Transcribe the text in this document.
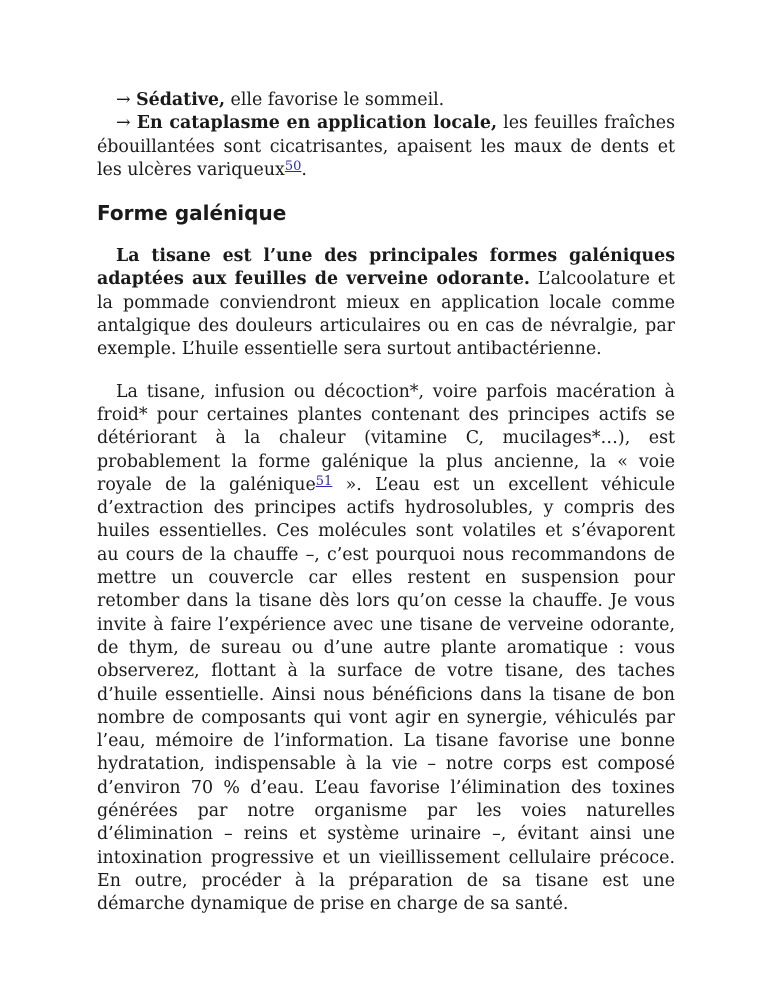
→ Sédative, elle favorise le sommeil.

→ En cataplasme en application locale, les feuilles fraîches ébouillantées sont cicatrisantes, apaisent les maux de dents et les ulcères variqueux$^{50}$.

Forme galénique

La tisane est l’une des principales formes galéniques adaptées aux feuilles de verveine odorante. L’alcoolature et la pommade conviendront mieux en application locale comme antalgique des douleurs articulaires ou en cas de névralgie, par exemple. L’huile essentielle sera surtout antibactérienne.

La tisane, infusion ou décoction*, voire parfois macération à froid* pour certaines plantes contenant des principes actifs se détériorant à la chaleur (vitamine C, mucilages*…), est probablement la forme galénique la plus ancienne, la « voie royale de la galénique$^{51}$ ». L’eau est un excellent véhicule d’extraction des principes actifs hydrosolubles, y compris des huiles essentielles. Ces molécules sont volatiles et s’évaporent au cours de la chauffe –, c’est pourquoi nous recommandons de mettre un couvercle car elles restent en suspension pour retomber dans la tisane dès lors qu’on cesse la chauffe. Je vous invite à faire l’expérience avec une tisane de verveine odorante, de thym, de sureau ou d’une autre plante aromatique : vous observerez, flottant à la surface de votre tisane, des taches d’huile essentielle. Ainsi nous bénéficions dans la tisane de bon nombre de composants qui vont agir en synergie, véhiculés par l’eau, mémoire de l’information. La tisane favorise une bonne hydratation, indispensable à la vie – notre corps est composé d’environ 70 % d’eau. L’eau favorise l’élimination des toxines générées par notre organisme par les voies naturelles d’élimination – reins et système urinaire –, évitant ainsi une intoxination progressive et un vieillissement cellulaire précoce. En outre, procéder à la préparation de sa tisane est une démarche dynamique de prise en charge de sa santé.
